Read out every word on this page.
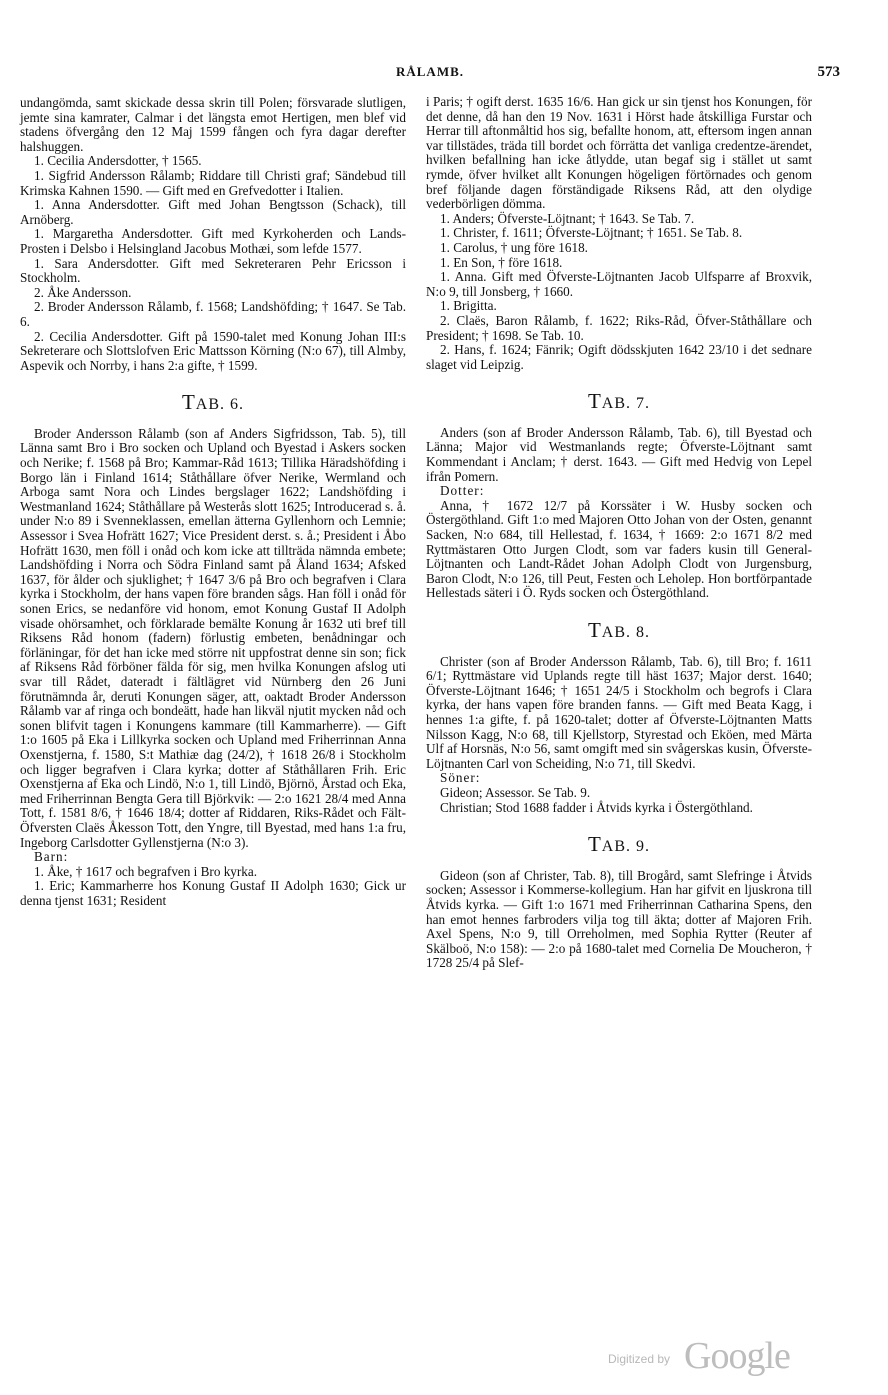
RÅLAMB.	573

undangömda, samt skickade dessa skrin till Polen; försvarade slutligen, jemte sina kamrater, Calmar i det längsta emot Hertigen, men blef vid stadens öfvergång den 12 Maj 1599 fången och fyra dagar derefter halshuggen.

1. Cecilia Andersdotter, † 1565.

1. Sigfrid Andersson Rålamb; Riddare till Christi graf; Sändebud till Krimska Kahnen 1590. — Gift med en Grefvedotter i Italien.

1. Anna Andersdotter. Gift med Johan Bengtsson (Schack), till Arnöberg.

1. Margaretha Andersdotter. Gift med Kyrkoherden och Lands-Prosten i Delsbo i Helsingland Jacobus Mothæi, som lefde 1577.

1. Sara Andersdotter. Gift med Sekreteraren Pehr Ericsson i Stockholm.

2. Åke Andersson.

2. Broder Andersson Rålamb, f. 1568; Landshöfding; † 1647. Se Tab. 6.

2. Cecilia Andersdotter. Gift på 1590-talet med Konung Johan III:s Sekreterare och Slottslofven Eric Mattsson Körning (N:o 67), till Almby, Aspevik och Norrby, i hans 2:a gifte, † 1599.

TAB. 6.

Broder Andersson Rålamb (son af Anders Sigfridsson, Tab. 5), till Länna samt Bro i Bro socken och Upland och Byestad i Askers socken och Nerike; f. 1568 på Bro; Kammar-Råd 1613; Tillika Häradshöfding i Borgo län i Finland 1614; Ståthållare öfver Nerike, Wermland och Arboga samt Nora och Lindes bergslager 1622; Landshöfding i Westmanland 1624; Ståthållare på Westerås slott 1625; Introducerad s. å. under N:o 89 i Svenneklassen, emellan ätterna Gyllenhorn och Lemnie; Assessor i Svea Hofrätt 1627; Vice President derst. s. å.; President i Åbo Hofrätt 1630, men föll i onåd och kom icke att tillträda nämnda embete; Landshöfding i Norra och Södra Finland samt på Åland 1634; Afsked 1637, för ålder och sjuklighet; † 1647 3/6 på Bro och begrafven i Clara kyrka i Stockholm, der hans vapen före branden sågs. Han föll i onåd för sonen Erics, se nedanföre vid honom, emot Konung Gustaf II Adolph visade ohörsamhet, och förklarade bemälte Konung år 1632 uti bref till Riksens Råd honom (fadern) förlustig embeten, benådningar och förläningar, för det han icke med större nit uppfostrat denne sin son; fick af Riksens Råd förböner fälda för sig, men hvilka Konungen afslog uti svar till Rådet, dateradt i fältlägret vid Nürnberg den 26 Juni förutnämnda år, deruti Konungen säger, att, oaktadt Broder Andersson Rålamb var af ringa och bondeätt, hade han likväl njutit mycken nåd och sonen blifvit tagen i Konungens kammare (till Kammarherre). — Gift 1:o 1605 på Eka i Lillkyrka socken och Upland med Friherrinnan Anna Oxenstjerna, f. 1580, S:t Mathiæ dag (24/2), † 1618 26/8 i Stockholm och ligger begrafven i Clara kyrka; dotter af Ståthållaren Frih. Eric Oxenstjerna af Eka och Lindö, N:o 1, till Lindö, Björnö, Årstad och Eka, med Friherrinnan Bengta Gera till Björkvik: — 2:o 1621 28/4 med Anna Tott, f. 1581 8/6, † 1646 18/4; dotter af Riddaren, Riks-Rådet och Fält-Öfversten Claës Åkesson Tott, den Yngre, till Byestad, med hans 1:a fru, Ingeborg Carlsdotter Gyllenstjerna (N:o 3).

Barn:

1. Åke, † 1617 och begrafven i Bro kyrka.

1. Eric; Kammarherre hos Konung Gustaf II Adolph 1630; Gick ur denna tjenst 1631; Resident

i Paris; † ogift derst. 1635 16/6. Han gick ur sin tjenst hos Konungen, för det denne, då han den 19 Nov. 1631 i Hörst hade åtskilliga Furstar och Herrar till aftonmåltid hos sig, befallte honom, att, eftersom ingen annan var tillstädes, träda till bordet och förrätta det vanliga credentze-ärendet, hvilken befallning han icke åtlydde, utan begaf sig i stället ut samt rymde, öfver hvilket allt Konungen högeligen förtörnades och genom bref följande dagen förständigade Riksens Råd, att den olydige vederbörligen dömma.

1. Anders; Öfverste-Löjtnant; † 1643. Se Tab. 7.

1. Christer, f. 1611; Öfverste-Löjtnant; † 1651. Se Tab. 8.

1. Carolus, † ung före 1618.

1. En Son, † före 1618.

1. Anna. Gift med Öfverste-Löjtnanten Jacob Ulfsparre af Broxvik, N:o 9, till Jonsberg, † 1660.

1. Brigitta.

2. Claës, Baron Rålamb, f. 1622; Riks-Råd, Öfver-Ståthållare och President; † 1698. Se Tab. 10.

2. Hans, f. 1624; Fänrik; Ogift dödsskjuten 1642 23/10 i det sednare slaget vid Leipzig.

TAB. 7.

Anders (son af Broder Andersson Rålamb, Tab. 6), till Byestad och Länna; Major vid Westmanlands regte; Öfverste-Löjtnant samt Kommendant i Anclam; † derst. 1643. — Gift med Hedvig von Lepel ifrån Pomern.

Dotter:

Anna, † 1672 12/7 på Korssäter i W. Husby socken och Östergöthland. Gift 1:o med Majoren Otto Johan von der Osten, genannt Sacken, N:o 684, till Hellestad, f. 1634, † 1669: 2:o 1671 8/2 med Ryttmästaren Otto Jurgen Clodt, som var faders kusin till General-Löjtnanten och Landt-Rådet Johan Adolph Clodt von Jurgensburg, Baron Clodt, N:o 126, till Peut, Festen och Leholep. Hon bortförpantade Hellestads säteri i Ö. Ryds socken och Östergöthland.

TAB. 8.

Christer (son af Broder Andersson Rålamb, Tab. 6), till Bro; f. 1611 6/1; Ryttmästare vid Uplands regte till häst 1637; Major derst. 1640; Öfverste-Löjtnant 1646; † 1651 24/5 i Stockholm och begrofs i Clara kyrka, der hans vapen före branden fanns. — Gift med Beata Kagg, i hennes 1:a gifte, f. på 1620-talet; dotter af Öfverste-Löjtnanten Matts Nilsson Kagg, N:o 68, till Kjellstorp, Styrestad och Eköen, med Märta Ulf af Horsnäs, N:o 56, samt omgift med sin svågerskas kusin, Öfverste-Löjtnanten Carl von Scheiding, N:o 71, till Skedvi.

Söner:

Gideon; Assessor. Se Tab. 9.

Christian; Stod 1688 fadder i Åtvids kyrka i Östergöthland.

TAB. 9.

Gideon (son af Christer, Tab. 8), till Brogård, samt Slefringe i Åtvids socken; Assessor i Kommerse-kollegium. Han har gifvit en ljuskrona till Åtvids kyrka. — Gift 1:o 1671 med Friherrinnan Catharina Spens, den han emot hennes farbroders vilja tog till äkta; dotter af Majoren Frih. Axel Spens, N:o 9, till Orreholmen, med Sophia Rytter (Reuter af Skälboö, N:o 158): — 2:o på 1680-talet med Cornelia De Moucheron, † 1728 25/4 på Slef-

Digitized by Google
